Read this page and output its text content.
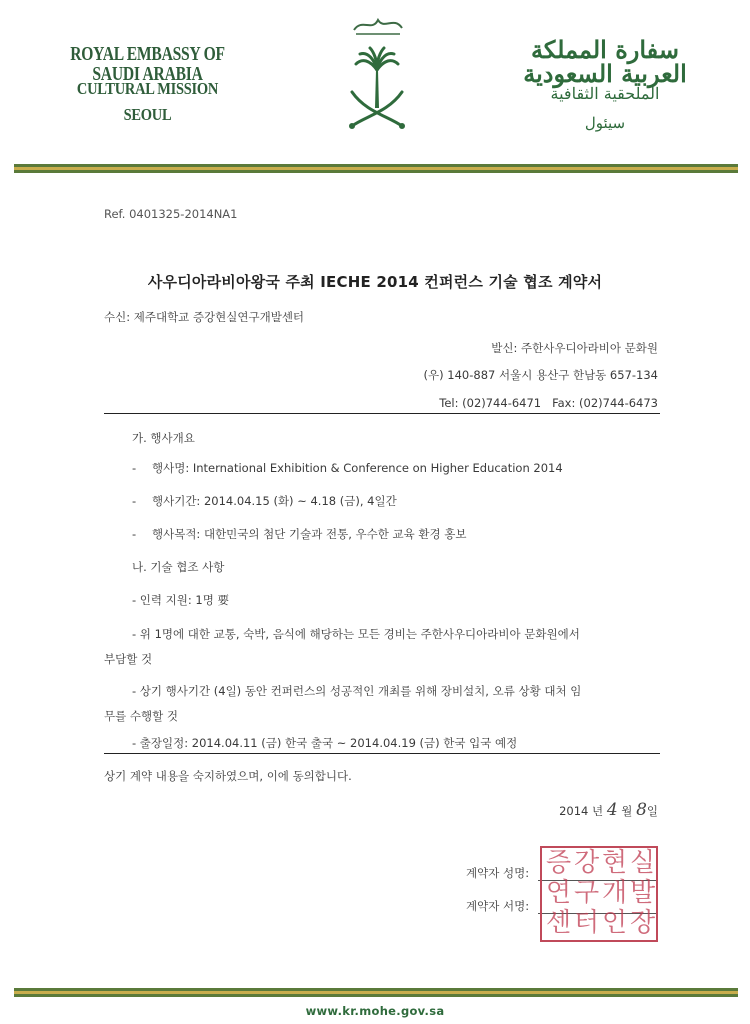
ROYAL EMBASSY OF SAUDI ARABIA
CULTURAL MISSION
SEOUL
سفارة المملكة العربية السعودية
الملحقية الثقافية
سيئول
Ref. 0401325-2014NA1
사우디아라비아왕국 주최 IECHE 2014 컨퍼런스 기술 협조 계약서
수신: 제주대학교 증강현실연구개발센터
발신: 주한사우디아라비아 문화원
(우) 140-887 서울시 용산구 한남동 657-134
Tel: (02)744-6471 Fax: (02)744-6473
가. 행사개요
- 행사명: International Exhibition & Conference on Higher Education 2014
- 행사기간: 2014.04.15 (화) ~ 4.18 (금), 4일간
- 행사목적: 대한민국의 첨단 기술과 전통, 우수한 교육 환경 홍보
나. 기술 협조 사항
- 인력 지원: 1명 要
- 위 1명에 대한 교통, 숙박, 음식에 해당하는 모든 경비는 주한사우디아라비아 문화원에서
부담할 것
- 상기 행사기간 (4일) 동안 컨퍼런스의 성공적인 개최를 위해 장비설치, 오류 상황 대처 임
무를 수행할 것
- 출장일정: 2014.04.11 (금) 한국 출국 ~ 2014.04.19 (금) 한국 입국 예정
상기 계약 내용을 숙지하였으며, 이에 동의합니다.
2014 년 4 월 8일
계약자 성명:
계약자 서명:
증 강 현 실
연 구 개 발
센 터 인 장
www.kr.mohe.gov.sa
